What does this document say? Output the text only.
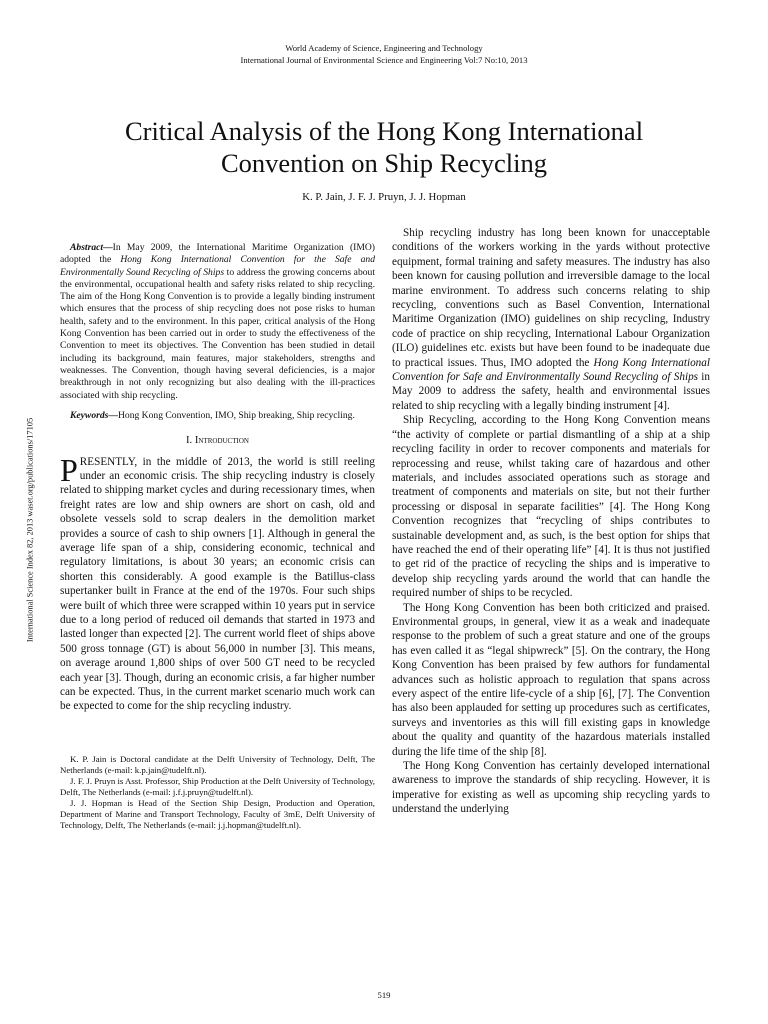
World Academy of Science, Engineering and Technology
International Journal of Environmental Science and Engineering Vol:7 No:10, 2013
Critical Analysis of the Hong Kong International
Convention on Ship Recycling
K. P. Jain, J. F. J. Pruyn, J. J. Hopman
International Science Index 82, 2013 waset.org/publications/17105

Abstract—In May 2009, the International Maritime Organization (IMO) adopted the Hong Kong International Convention for the Safe and Environmentally Sound Recycling of Ships to address the growing concerns about the environmental, occupational health and safety risks related to ship recycling. The aim of the Hong Kong Convention is to provide a legally binding instrument which ensures that the process of ship recycling does not pose risks to human health, safety and to the environment. In this paper, critical analysis of the Hong Kong Convention has been carried out in order to study the effectiveness of the Convention to meet its objectives. The Convention has been studied in detail including its background, main features, major stakeholders, strengths and weaknesses. The Convention, though having several deficiencies, is a major breakthrough in not only recognizing but also dealing with the ill-practices associated with ship recycling.

Keywords—Hong Kong Convention, IMO, Ship breaking, Ship recycling.

I. Introduction

PRESENTLY, in the middle of 2013, the world is still reeling under an economic crisis. The ship recycling industry is closely related to shipping market cycles and during recessionary times, when freight rates are low and ship owners are short on cash, old and obsolete vessels sold to scrap dealers in the demolition market provides a source of cash to ship owners [1]. Although in general the average life span of a ship, considering economic, technical and regulatory limitations, is about 30 years; an economic crisis can shorten this considerably. A good example is the Batillus-class supertanker built in France at the end of the 1970s. Four such ships were built of which three were scrapped within 10 years put in service due to a long period of reduced oil demands that started in 1973 and lasted longer than expected [2]. The current world fleet of ships above 500 gross tonnage (GT) is about 56,000 in number [3]. This means, on average around 1,800 ships of over 500 GT need to be recycled each year [3]. Though, during an economic crisis, a far higher number can be expected. Thus, in the current market scenario much work can be expected to come for the ship recycling industry.

K. P. Jain is Doctoral candidate at the Delft University of Technology, Delft, The Netherlands (e-mail: k.p.jain@tudelft.nl).

J. F. J. Pruyn is Asst. Professor, Ship Production at the Delft University of Technology, Delft, The Netherlands (e-mail: j.f.j.pruyn@tudelft.nl).

J. J. Hopman is Head of the Section Ship Design, Production and Operation, Department of Marine and Transport Technology, Faculty of 3mE, Delft University of Technology, Delft, The Netherlands (e-mail: j.j.hopman@tudelft.nl).

Ship recycling industry has long been known for unacceptable conditions of the workers working in the yards without protective equipment, formal training and safety measures. The industry has also been known for causing pollution and irreversible damage to the local marine environment. To address such concerns relating to ship recycling, conventions such as Basel Convention, International Maritime Organization (IMO) guidelines on ship recycling, Industry code of practice on ship recycling, International Labour Organization (ILO) guidelines etc. exists but have been found to be inadequate due to practical issues. Thus, IMO adopted the Hong Kong International Convention for Safe and Environmentally Sound Recycling of Ships in May 2009 to address the safety, health and environmental issues related to ship recycling with a legally binding instrument [4].

Ship Recycling, according to the Hong Kong Convention means “the activity of complete or partial dismantling of a ship at a ship recycling facility in order to recover components and materials for reprocessing and reuse, whilst taking care of hazardous and other materials, and includes associated operations such as storage and treatment of components and materials on site, but not their further processing or disposal in separate facilities” [4]. The Hong Kong Convention recognizes that “recycling of ships contributes to sustainable development and, as such, is the best option for ships that have reached the end of their operating life” [4]. It is thus not justified to get rid of the practice of recycling the ships and is imperative to develop ship recycling yards around the world that can handle the required number of ships to be recycled.

The Hong Kong Convention has been both criticized and praised. Environmental groups, in general, view it as a weak and inadequate response to the problem of such a great stature and one of the groups has even called it as “legal shipwreck” [5]. On the contrary, the Hong Kong Convention has been praised by few authors for fundamental advances such as holistic approach to regulation that spans across every aspect of the entire life-cycle of a ship [6], [7]. The Convention has also been applauded for setting up procedures such as certificates, surveys and inventories as this will fill existing gaps in knowledge about the quality and quantity of the hazardous materials installed during the life time of the ship [8].

The Hong Kong Convention has certainly developed international awareness to improve the standards of ship recycling. However, it is imperative for existing as well as upcoming ship recycling yards to understand the underlying

519
